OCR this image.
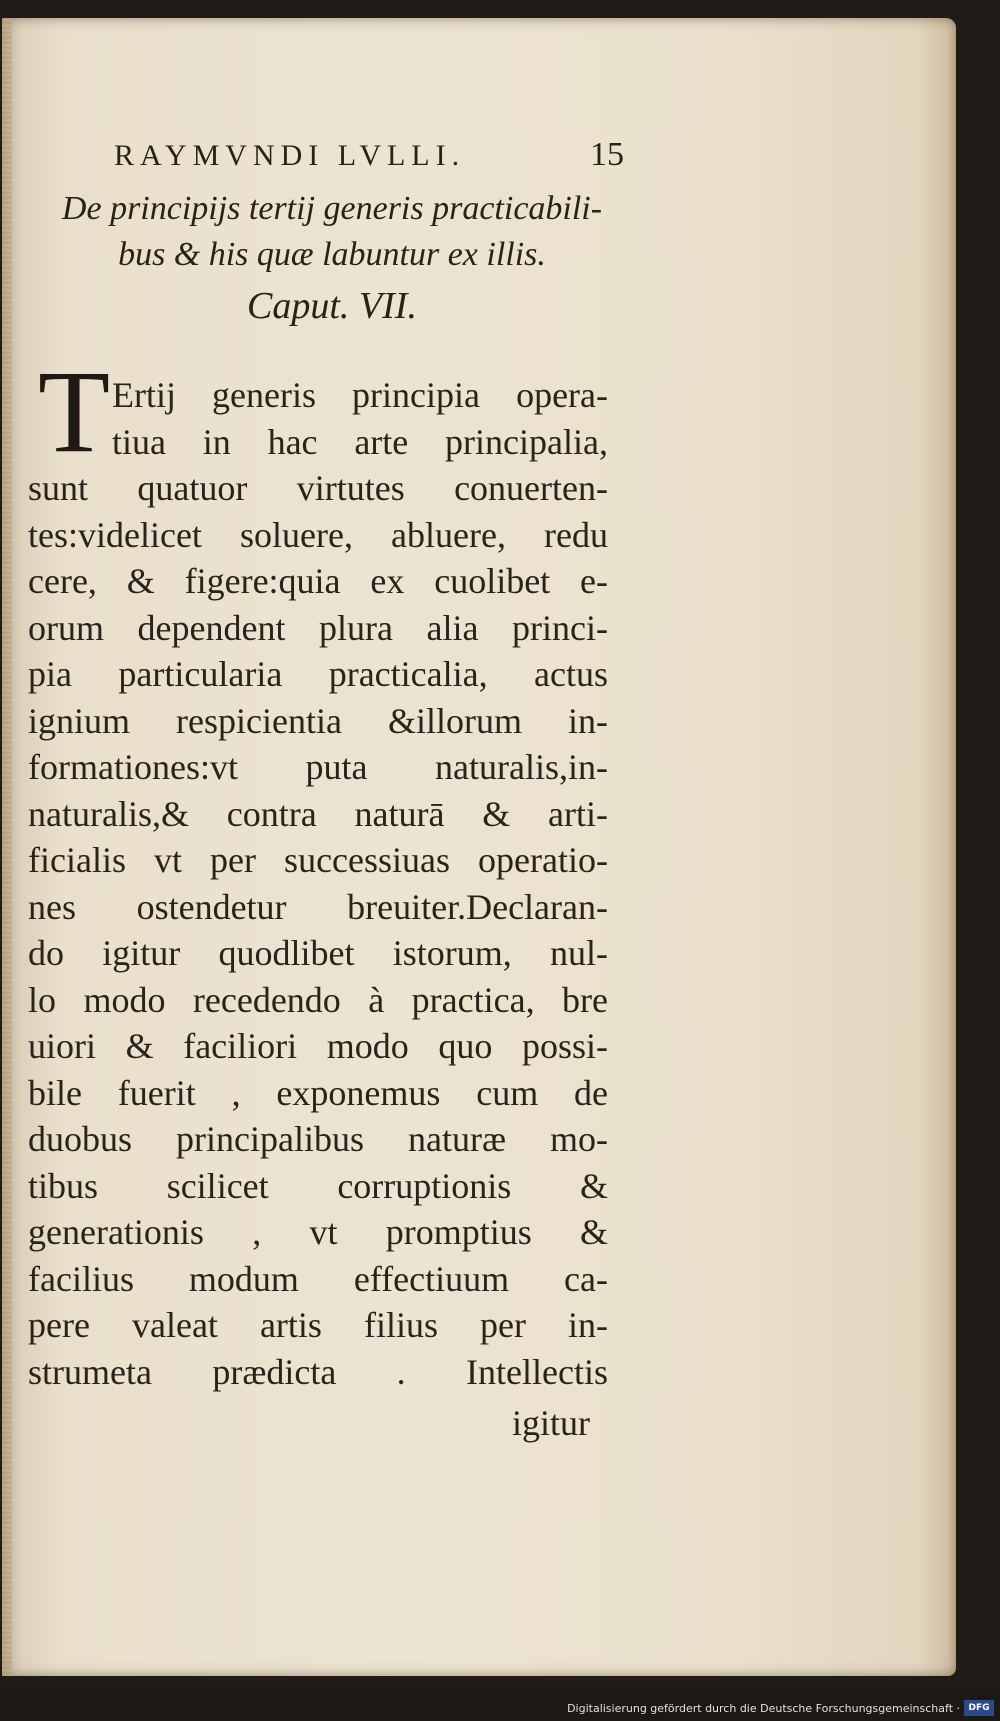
RAYMVNDI LVLLI.	15
De principijs tertij generis practicabili-
bus & his quæ labuntur ex illis.
Caput. VII.
T Ertij generis principia opera-
tiua in hac arte principalia,
sunt quatuor virtutes conuerten-
tes:videlicet soluere, abluere, redu
cere, & figere:quia ex cuolibet e-
orum dependent plura alia princi-
pia particularia practicalia, actus
ignium respicientia &illorum in-
formationes:vt puta naturalis,in-
naturalis,& contra naturā & arti-
ficialis vt per successiuas operatio-
nes ostendetur breuiter.Declaran-
do igitur quodlibet istorum, nul-
lo modo recedendo à practica, bre
uiori & faciliori modo quo possi-
bile fuerit , exponemus cum de
duobus principalibus naturæ mo-
tibus scilicet corruptionis &
generationis , vt promptius &
facilius modum effectiuum ca-
pere valeat artis filius per in-
strumeta prædicta . Intellectis
igitur
Digitalisierung gefördert durch die Deutsche Forschungsgemeinschaft · DFG
